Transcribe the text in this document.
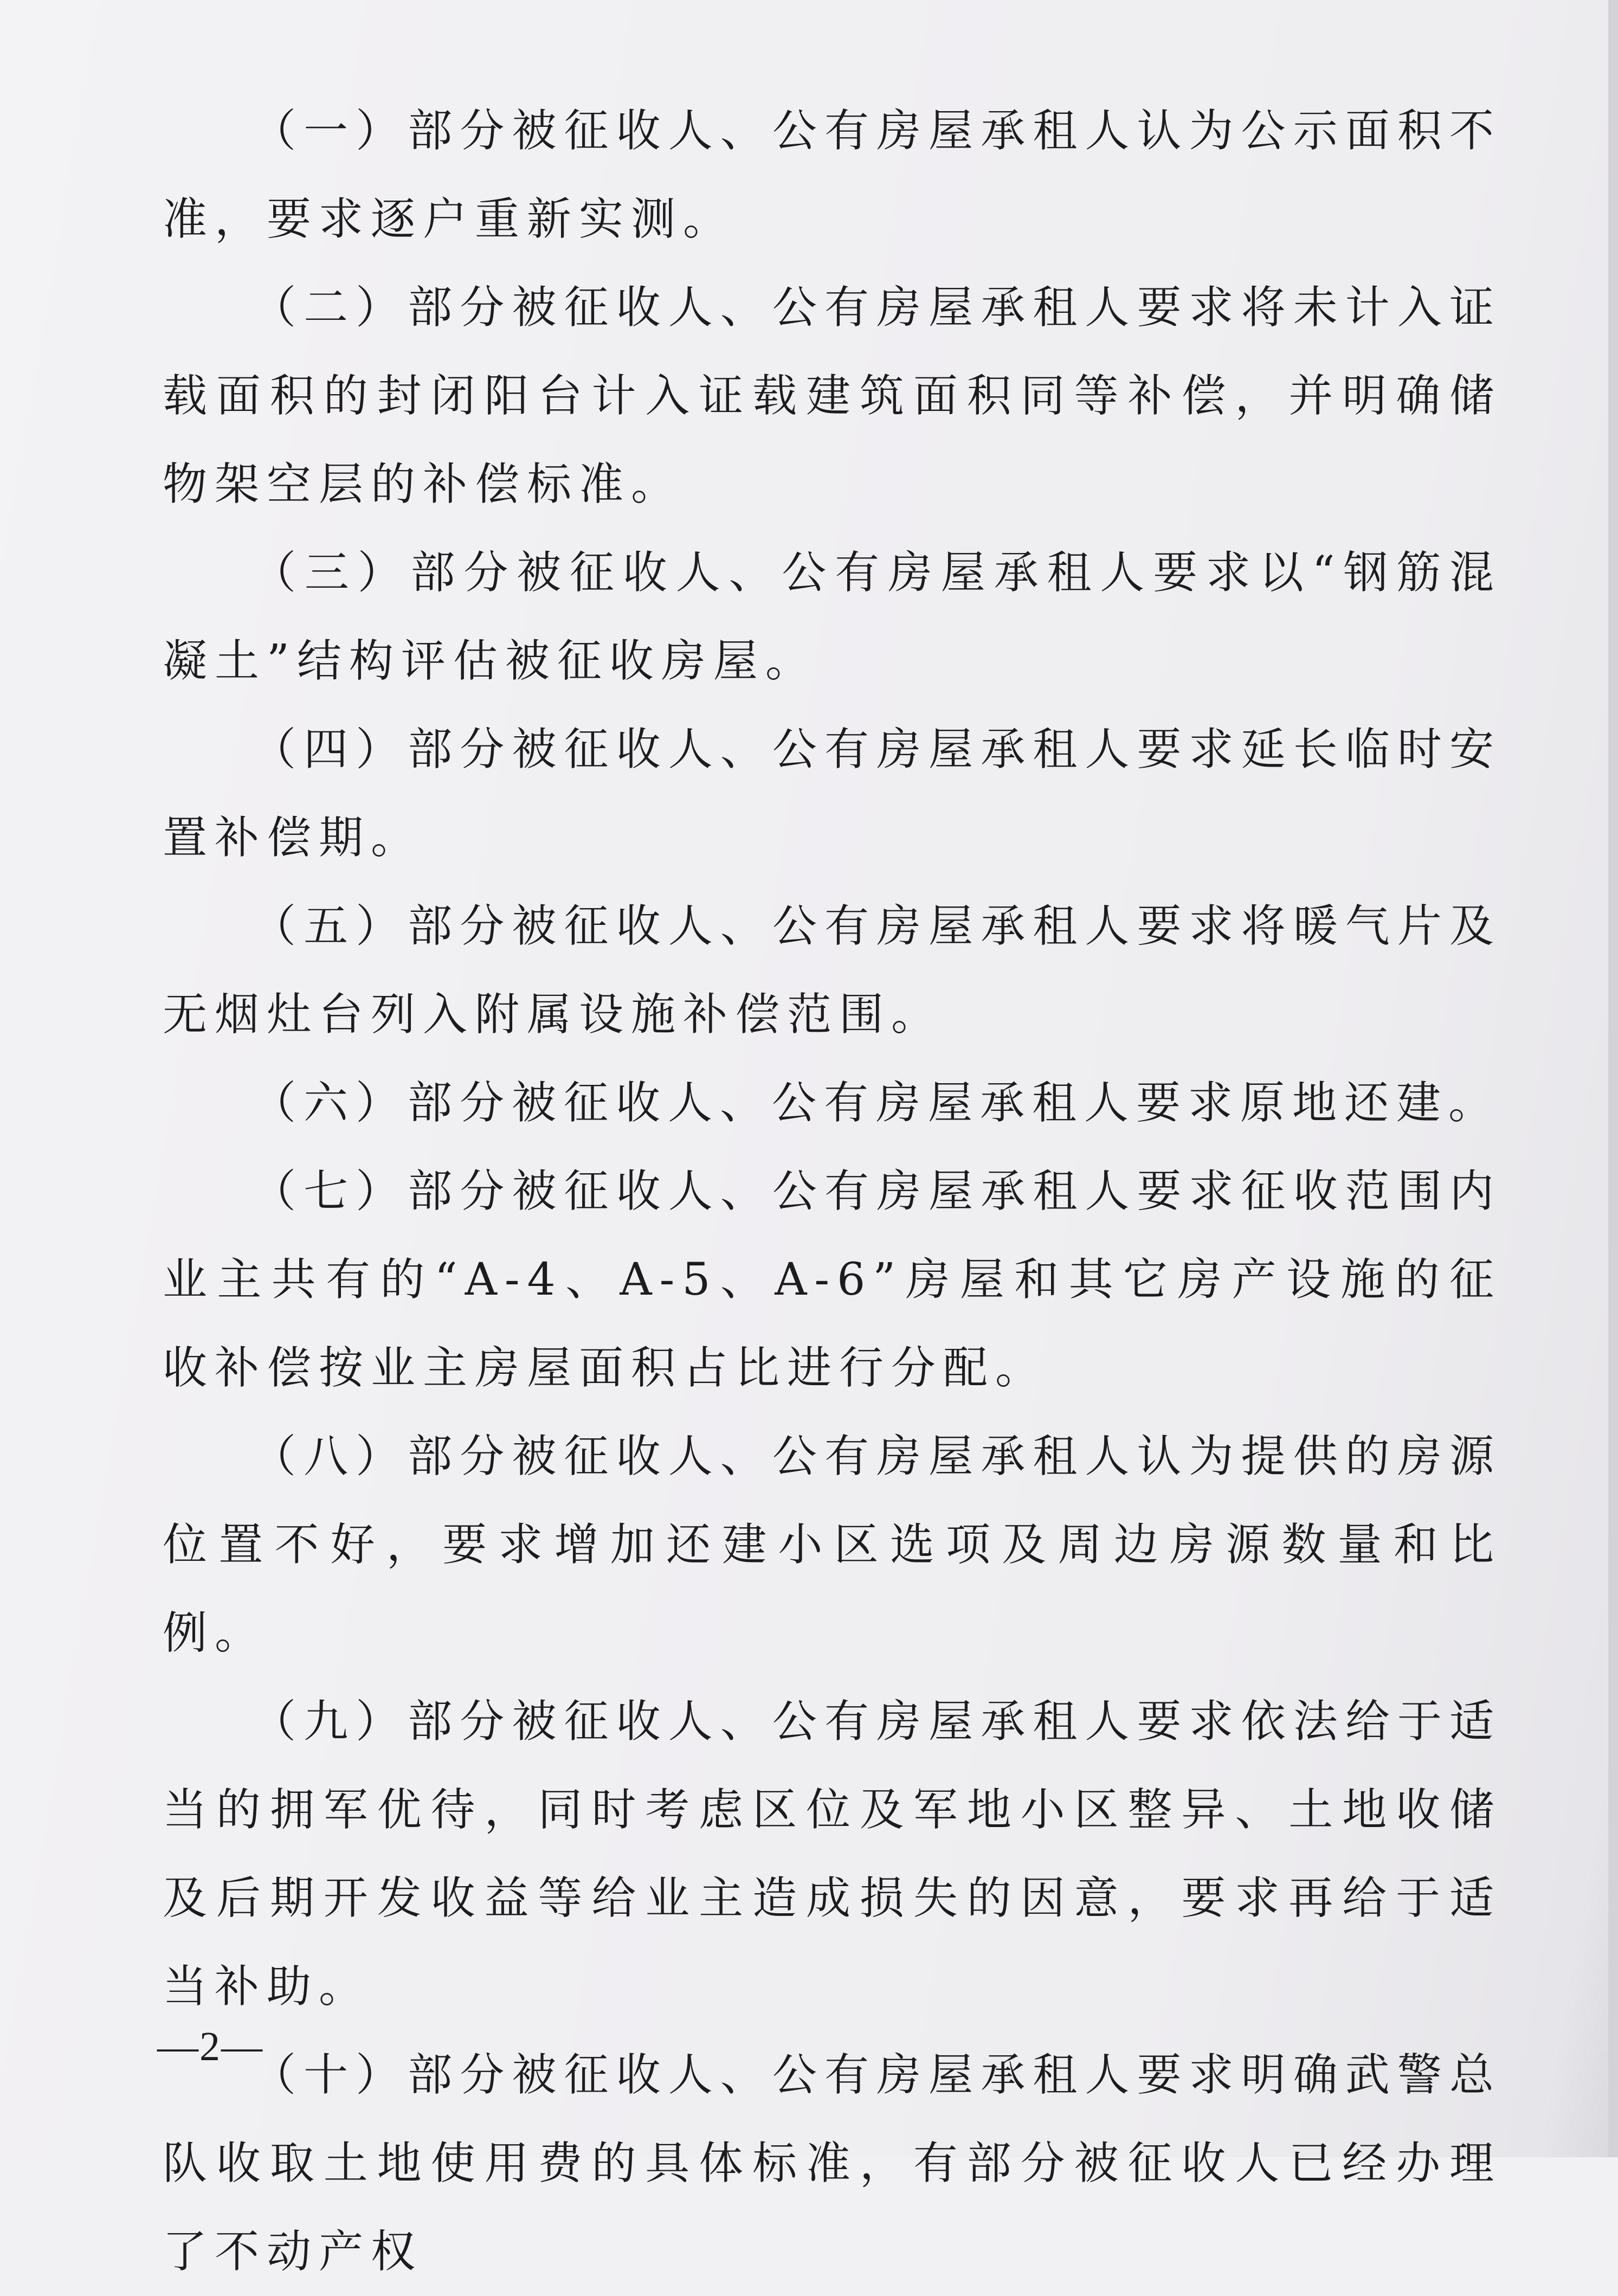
（一）部分被征收人、公有房屋承租人认为公示面积不准，要求逐户重新实测。

（二）部分被征收人、公有房屋承租人要求将未计入证载面积的封闭阳台计入证载建筑面积同等补偿，并明确储物架空层的补偿标准。

（三）部分被征收人、公有房屋承租人要求以“钢筋混凝土”结构评估被征收房屋。

（四）部分被征收人、公有房屋承租人要求延长临时安置补偿期。

（五）部分被征收人、公有房屋承租人要求将暖气片及无烟灶台列入附属设施补偿范围。

（六）部分被征收人、公有房屋承租人要求原地还建。

（七）部分被征收人、公有房屋承租人要求征收范围内业主共有的“A-4、A-5、A-6”房屋和其它房产设施的征收补偿按业主房屋面积占比进行分配。

（八）部分被征收人、公有房屋承租人认为提供的房源位置不好，要求增加还建小区选项及周边房源数量和比例。

（九）部分被征收人、公有房屋承租人要求依法给于适当的拥军优待，同时考虑区位及军地小区整异、土地收储及后期开发收益等给业主造成损失的因意，要求再给于适当补助。

（十）部分被征收人、公有房屋承租人要求明确武警总队收取土地使用费的具体标准，有部分被征收人已经办理了不动产权

—2—
